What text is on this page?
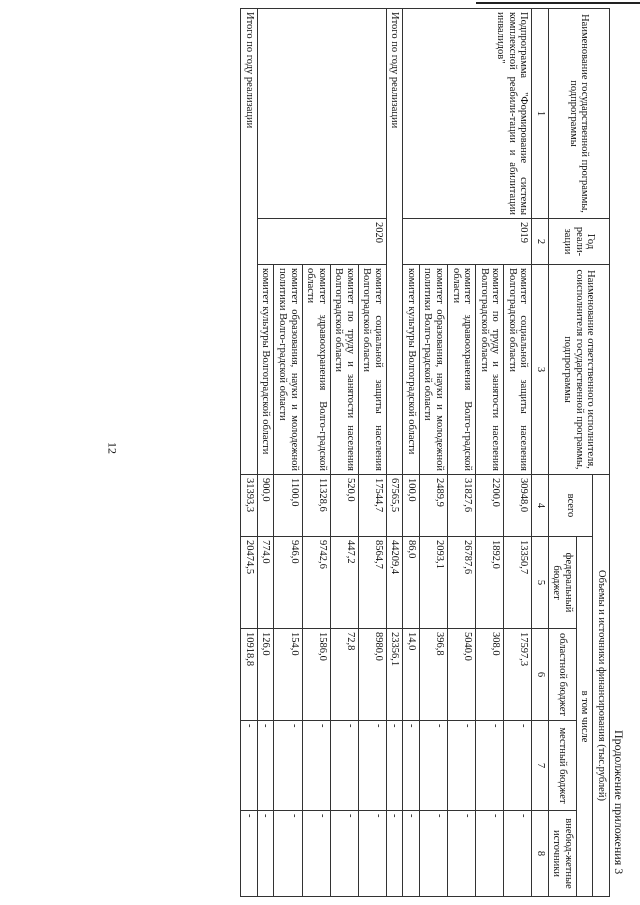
12
Продолжение приложения 3
Наименование государственной программы, подпрограммы	Год реали-зации	Наименование ответственного исполнителя, соисполнителя государственной программы, подпрограммы	Объемы и источники финансирования (тыс.рублей)				
			всего	в том числе			
				федеральный бюджет	областной бюджет	местный бюджет	внебюд-жетные источники
1	2	3	4	5	6	7	8
Подпрограмма "Формирование системы комплексной реабили-тации и абилитации инвалидов"	2019	комитет социальной защиты населения Волгоградской области	30948,0	13350,7	17597,3	-	-
		комитет по труду и занятости населения Волгоградской области	2200,0	1892,0	308,0	-	-
		комитет здравоохранения Волго-градской области	31827,6	26787,6	5040,0	-	-
		комитет образования, науки и молодежной политики Волго-градской области	2489,9	2093,1	396,8	-	-
		комитет культуры Волгоградской области	100,0	86,0	14,0	-	-
Итого по году реализации			67565,5	44209,4	23356,1	-	-
	2020	комитет социальной защиты населения Волгоградской области	17544,7	8564,7	8980,0	-	-
		комитет по труду и занятости населения Волгоградской области	520,0	447,2	72,8	-	-
		комитет здравоохранения Волго-градской области	11328,6	9742,6	1586,0	-	-
		комитет образования, науки и молодежной политики Волго-градской области	1100,0	946,0	154,0	-	-
		комитет культуры Волгоградской области	900,0	774,0	126,0	-	-
Итого по году реализации			31393,3	20474,5	10918,8	-	-
